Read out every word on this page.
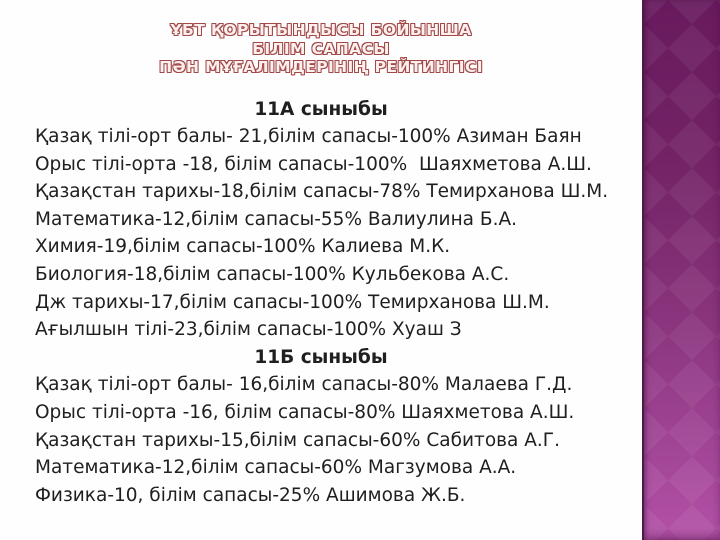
ҰБТ ҚОРЫТЫНДЫСЫ БОЙЫНША
БІЛІМ САПАСЫ
ПӘН МҰҒАЛІМДЕРІНІҢ РЕЙТИНГІСІ
11А сыныбы
Қазақ тілі-орт балы- 21,білім сапасы-100% Азиман Баян
Орыс тілі-орта -18, білім сапасы-100%  Шаяхметова А.Ш.
Қазақстан тарихы-18,білім сапасы-78% Темирханова Ш.М.
Математика-12,білім сапасы-55% Валиулина Б.А.
Химия-19,білім сапасы-100% Калиева М.К.
Биология-18,білім сапасы-100% Кульбекова А.С.
Дж тарихы-17,білім сапасы-100% Темирханова Ш.М.
Ағылшын тілі-23,білім сапасы-100% Хуаш З
11Б сыныбы
Қазақ тілі-орт балы- 16,білім сапасы-80% Малаева Г.Д.
Орыс тілі-орта -16, білім сапасы-80% Шаяхметова А.Ш.
Қазақстан тарихы-15,білім сапасы-60% Сабитова А.Г.
Математика-12,білім сапасы-60% Магзумова А.А.
Физика-10, білім сапасы-25% Ашимова Ж.Б.
